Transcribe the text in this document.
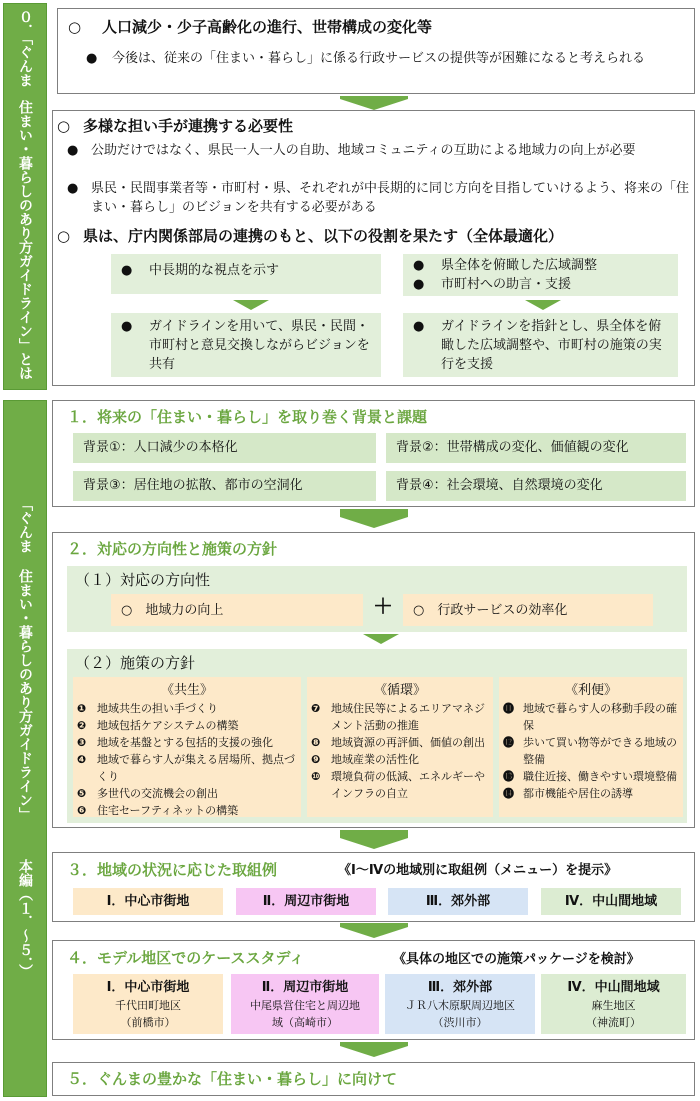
０．「ぐんま
住まい・暮らしのあり方ガイドライン」とは
「ぐんま
住まい・暮らしのあり方ガイドライン」
本編（１．～５．）
○	人口減少・少子高齢化の進行、世帯構成の変化等
●	今後は、従来の「住まい・暮らし」に係る行政サービスの提供等が困難になると考えられる
○ 多様な担い手が連携する必要性
● 公助だけではなく、県民一人一人の自助、地域コミュニティの互助による地域力の向上が必要
● 県民・民間事業者等・市町村・県、それぞれが中長期的に同じ方向を目指していけるよう、将来の「住まい・暮らし」のビジョンを共有する必要がある
○ 県は、庁内関係部局の連携のもと、以下の役割を果たす（全体最適化）
●	中長期的な視点を示す	●	県全体を俯瞰した広域調整
●	市町村への助言・支援
●	ガイドラインを用いて、県民・民間・市町村と意見交換しながらビジョンを共有
●	ガイドラインを指針とし、県全体を俯瞰した広域調整や、市町村の施策の実行を支援
１．将来の「住まい・暮らし」を取り巻く背景と課題
背景①：人口減少の本格化	背景②：世帯構成の変化、価値観の変化
背景③：居住地の拡散、都市の空洞化	背景④：社会環境、自然環境の変化
２．対応の方向性と施策の方針
（１）対応の方向性
○　地域力の向上	＋	○　行政サービスの効率化
（２）施策の方針
《共生》
❶ 地域共生の担い手づくり
❷ 地域包括ケアシステムの構築
❸ 地域を基盤とする包括的支援の強化
❹ 地域で暮らす人が集える居場所、拠点づくり
❺ 多世代の交流機会の創出
❻ 住宅セーフティネットの構築
《循環》
❼ 地域住民等によるエリアマネジメント活動の推進
❽ 地域資源の再評価、価値の創出
❾ 地域産業の活性化
❿ 環境負荷の低減、エネルギーやインフラの自立
《利便》
⓫ 地域で暮らす人の移動手段の確保
⓬ 歩いて買い物等ができる地域の整備
⓭ 職住近接、働きやすい環境整備
⓮ 都市機能や居住の誘導
３．地域の状況に応じた取組例	《Ⅰ～Ⅳの地域別に取組例（メニュー）を提示》
Ⅰ．中心市街地	Ⅱ．周辺市街地	Ⅲ．郊外部	Ⅳ．中山間地域
４．モデル地区でのケーススタディ	《具体の地区での施策パッケージを検討》
Ⅰ．中心市街地
千代田町地区
（前橋市）
Ⅱ．周辺市街地
中尾県営住宅と周辺地
域（高崎市）
Ⅲ．郊外部
ＪＲ八木原駅周辺地区
（渋川市）
Ⅳ．中山間地域
麻生地区
（神流町）
５．ぐんまの豊かな「住まい・暮らし」に向けて
